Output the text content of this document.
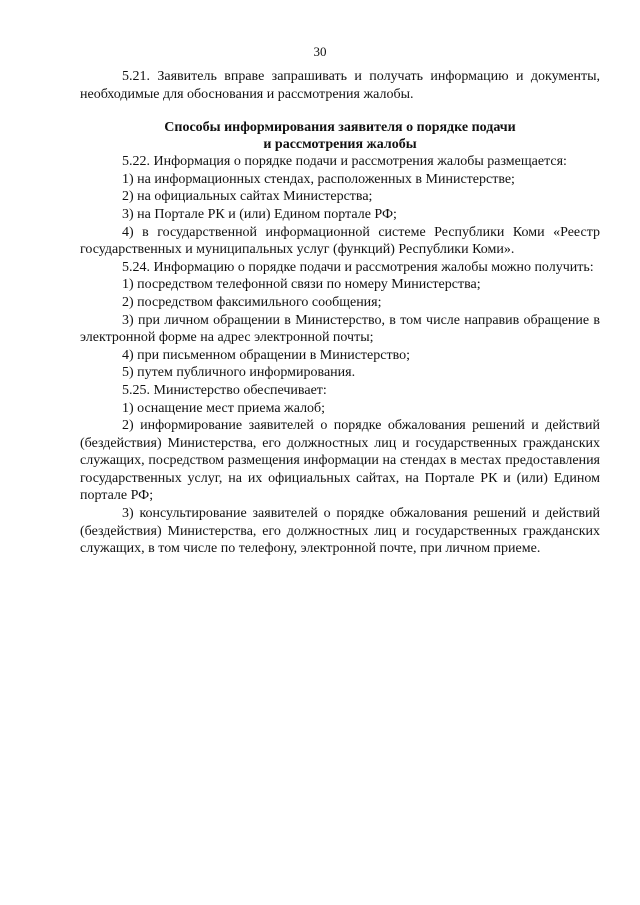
30

5.21. Заявитель вправе запрашивать и получать информацию и документы, необходимые для обоснования и рассмотрения жалобы.

Способы информирования заявителя о порядке подачи

и рассмотрения жалобы

5.22. Информация о порядке подачи и рассмотрения жалобы размещается:

1) на информационных стендах, расположенных в Министерстве;

2) на официальных сайтах Министерства;

3) на Портале РК и (или) Едином портале РФ;

4) в государственной информационной системе Республики Коми «Реестр государственных и муниципальных услуг (функций) Республики Коми».

5.24. Информацию о порядке подачи и рассмотрения жалобы можно получить:

1) посредством телефонной связи по номеру Министерства;

2) посредством факсимильного сообщения;

3) при личном обращении в Министерство, в том числе направив обращение в электронной форме на адрес электронной почты;

4) при письменном обращении в Министерство;

5) путем публичного информирования.

5.25. Министерство обеспечивает:

1) оснащение мест приема жалоб;

2) информирование заявителей о порядке обжалования решений и действий (бездействия) Министерства, его должностных лиц и государственных гражданских служащих, посредством размещения информации на стендах в местах предоставления государственных услуг, на их официальных сайтах, на Портале РК и (или) Едином портале РФ;

3) консультирование заявителей о порядке обжалования решений и действий (бездействия) Министерства, его должностных лиц и государственных гражданских служащих, в том числе по телефону, электронной почте, при личном приеме.
